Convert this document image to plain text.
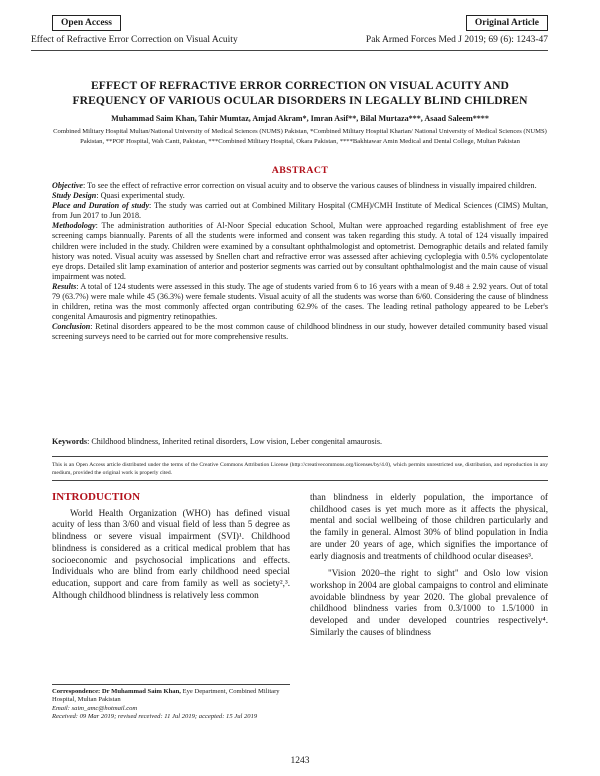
Open Access	Original Article
Effect of Refractive Error Correction on Visual Acuity	Pak Armed Forces Med J 2019; 69 (6): 1243-47
EFFECT OF REFRACTIVE ERROR CORRECTION ON VISUAL ACUITY AND
FREQUENCY OF VARIOUS OCULAR DISORDERS IN LEGALLY BLIND CHILDREN
Muhammad Saim Khan, Tahir Mumtaz, Amjad Akram*, Imran Asif**, Bilal Murtaza***, Asaad Saleem****
Combined Military Hospital Multan/National University of Medical Sciences (NUMS) Pakistan, *Combined Military Hospital Kharian/ National University of Medical Sciences (NUMS) Pakistan, **POF Hospital, Wah Cantt, Pakistan, ***Combined Military Hospital, Okara Pakistan, ****Bakhtawar Amin Medical and Dental College, Multan Pakistan
ABSTRACT

Objective: To see the effect of refractive error correction on visual acuity and to observe the various causes of blindness in visually impaired children.

Study Design: Quasi experimental study.

Place and Duration of study: The study was carried out at Combined Military Hospital (CMH)/CMH Institute of Medical Sciences (CIMS) Multan, from Jun 2017 to Jun 2018.

Methodology: The administration authorities of Al-Noor Special education School, Multan were approached regarding establishment of free eye screening camps biannually. Parents of all the students were informed and consent was taken regarding this study. A total of 124 visually impaired children were included in the study. Children were examined by a consultant ophthalmologist and optometrist. Demographic details and related family history was noted. Visual acuity was assessed by Snellen chart and refractive error was assessed after achieving cycloplegia with 0.5% cyclopentolate eye drops. Detailed slit lamp examination of anterior and posterior segments was carried out by consultant ophthalmologist and the main cause of visual impairment was noted.

Results: A total of 124 students were assessed in this study. The age of students varied from 6 to 16 years with a mean of 9.48 ± 2.92 years. Out of total 79 (63.7%) were male while 45 (36.3%) were female students. Visual acuity of all the students was worse than 6/60. Considering the cause of blindness in children, retina was the most commonly affected organ contributing 62.9% of the cases. The leading retinal pathology appeared to be Leber's congenital Amaurosis and pigmentry retinopathies.

Conclusion: Retinal disorders appeared to be the most common cause of childhood blindness in our study, however detailed community based visual screening surveys need to be carried out for more comprehensive results.

Keywords: Childhood blindness, Inherited retinal disorders, Low vision, Leber congenital amaurosis.
This is an Open Access article distributed under the terms of the Creative Commons Attribution License (http://creativecommons.org/licenses/by/4.0), which permits unrestricted use, distribution, and reproduction in any medium, provided the original work is properly cited.
INTRODUCTION

World Health Organization (WHO) has defined visual acuity of less than 3/60 and visual field of less than 5 degree as blindness or severe visual impairment (SVI)¹. Childhood blindness is considered as a critical medical problem that has socioeconomic and psychosocial implications and effects. Individuals who are blind from early childhood need special education, support and care from family as well as society²,³. Although childhood blindness is relatively less common

than blindness in elderly population, the importance of childhood cases is yet much more as it affects the physical, mental and social wellbeing of those children particularly and the family in general. Almost 30% of blind population in India are under 20 years of age, which signifies the importance of early diagnosis and treatments of childhood ocular diseases³.

"Vision 2020–the right to sight" and Oslo low vision workshop in 2004 are global campaigns to control and eliminate avoidable blindness by year 2020. The global prevalence of childhood blindness varies from 0.3/1000 to 1.5/1000 in developed and under developed countries respectively⁴. Similarly the causes of blindness

Correspondence: Dr Muhammad Saim Khan, Eye Department, Combined Military Hospital, Multan Pakistan
Email: saim_amc@hotmail.com
Received: 09 Mar 2019; revised received: 11 Jul 2019; accepted: 15 Jul 2019
1243
